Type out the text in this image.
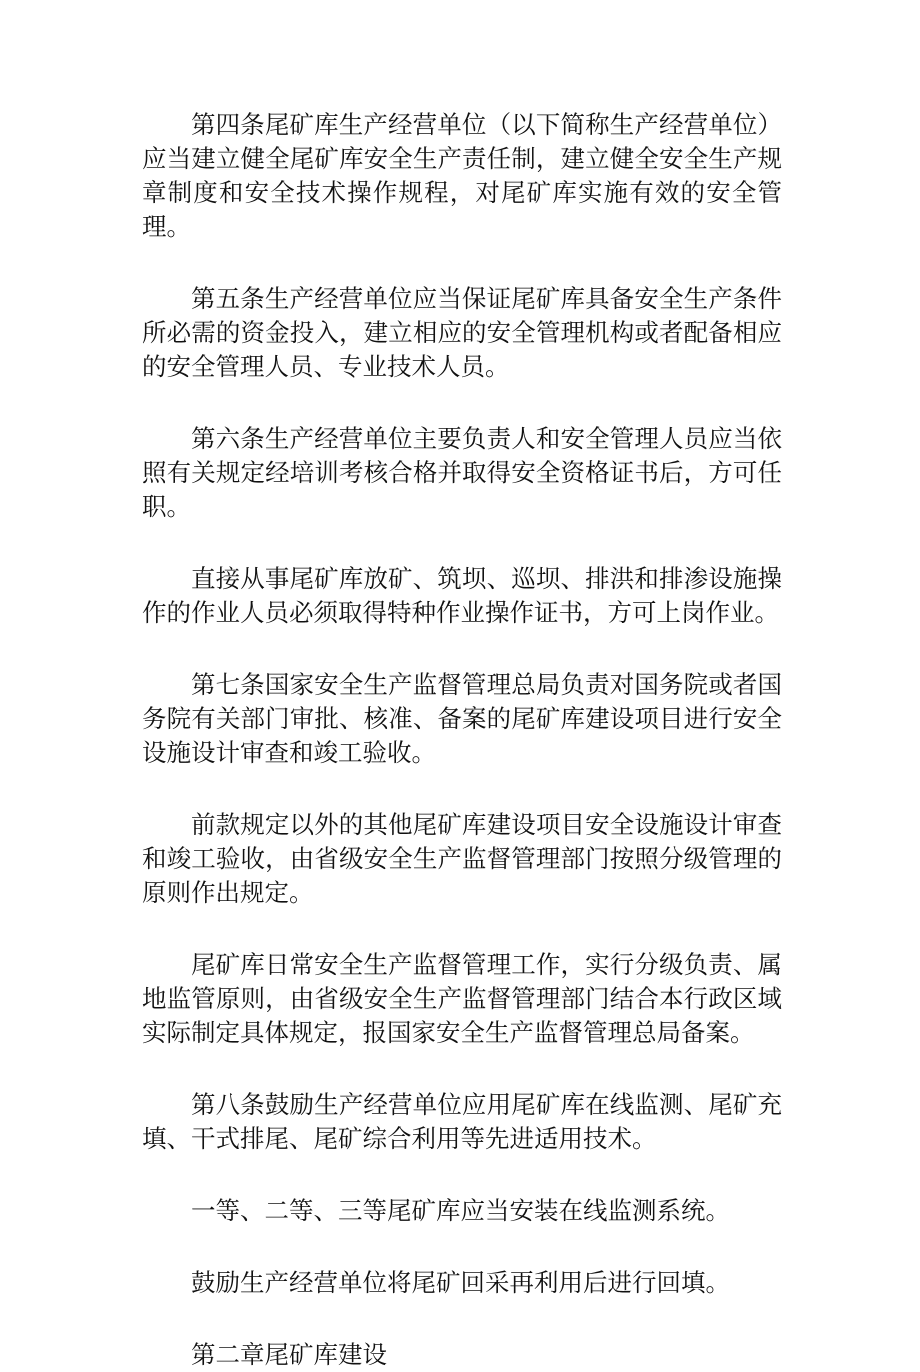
第四条尾矿库生产经营单位（以下简称生产经营单位）应当建立健全尾矿库安全生产责任制，建立健全安全生产规章制度和安全技术操作规程，对尾矿库实施有效的安全管理。

第五条生产经营单位应当保证尾矿库具备安全生产条件所必需的资金投入，建立相应的安全管理机构或者配备相应的安全管理人员、专业技术人员。

第六条生产经营单位主要负责人和安全管理人员应当依照有关规定经培训考核合格并取得安全资格证书后，方可任职。

直接从事尾矿库放矿、筑坝、巡坝、排洪和排渗设施操作的作业人员必须取得特种作业操作证书，方可上岗作业。

第七条国家安全生产监督管理总局负责对国务院或者国务院有关部门审批、核准、备案的尾矿库建设项目进行安全设施设计审查和竣工验收。

前款规定以外的其他尾矿库建设项目安全设施设计审查和竣工验收，由省级安全生产监督管理部门按照分级管理的原则作出规定。

尾矿库日常安全生产监督管理工作，实行分级负责、属地监管原则，由省级安全生产监督管理部门结合本行政区域实际制定具体规定，报国家安全生产监督管理总局备案。

第八条鼓励生产经营单位应用尾矿库在线监测、尾矿充填、干式排尾、尾矿综合利用等先进适用技术。

一等、二等、三等尾矿库应当安装在线监测系统。

鼓励生产经营单位将尾矿回采再利用后进行回填。

第二章尾矿库建设
